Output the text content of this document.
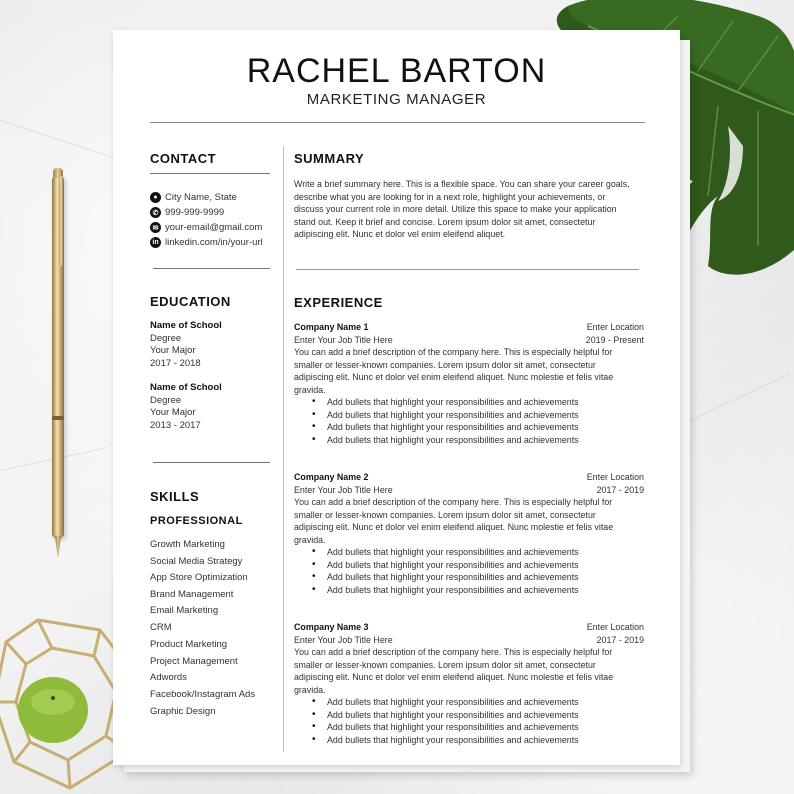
RACHEL BARTON
MARKETING MANAGER
CONTACT
● City Name, State
✆ 999-999-9999
✉ your-email@gmail.com
in linkedin.com/in/your-url
EDUCATION
Name of School
Degree
Your Major
2017 - 2018
Name of School
Degree
Your Major
2013 - 2017
SKILLS
PROFESSIONAL
Growth Marketing
Social Media Strategy
App Store Optimization
Brand Management
Email Marketing
CRM
Product Marketing
Project Management
Adwords
Facebook/Instagram Ads
Graphic Design
SUMMARY
Write a brief summary here. This is a flexible space. You can share your career goals,
describe what you are looking for in a next role, highlight your achievements, or
discuss your current role in more detail. Utilize this space to make your application
stand out. Keep it brief and concise. Lorem ipsum dolor sit amet, consectetur
adipiscing elit. Nunc et dolor vel enim eleifend aliquet.
EXPERIENCE
Company Name 1	Enter Location
Enter Your Job Title Here	2019 - Present
You can add a brief description of the company here. This is especially helpful for
smaller or lesser-known companies. Lorem ipsum dolor sit amet, consectetur
adipiscing elit. Nunc et dolor vel enim eleifend aliquet. Nunc molestie et felis vitae
gravida.
• Add bullets that highlight your responsibilities and achievements
• Add bullets that highlight your responsibilities and achievements
• Add bullets that highlight your responsibilities and achievements
• Add bullets that highlight your responsibilities and achievements
Company Name 2	Enter Location
Enter Your Job Title Here	2017 - 2019
You can add a brief description of the company here. This is especially helpful for
smaller or lesser-known companies. Lorem ipsum dolor sit amet, consectetur
adipiscing elit. Nunc et dolor vel enim eleifend aliquet. Nunc molestie et felis vitae
gravida.
• Add bullets that highlight your responsibilities and achievements
• Add bullets that highlight your responsibilities and achievements
• Add bullets that highlight your responsibilities and achievements
• Add bullets that highlight your responsibilities and achievements
Company Name 3	Enter Location
Enter Your Job Title Here	2017 - 2019
You can add a brief description of the company here. This is especially helpful for
smaller or lesser-known companies. Lorem ipsum dolor sit amet, consectetur
adipiscing elit. Nunc et dolor vel enim eleifend aliquet. Nunc molestie et felis vitae
gravida.
• Add bullets that highlight your responsibilities and achievements
• Add bullets that highlight your responsibilities and achievements
• Add bullets that highlight your responsibilities and achievements
• Add bullets that highlight your responsibilities and achievements
